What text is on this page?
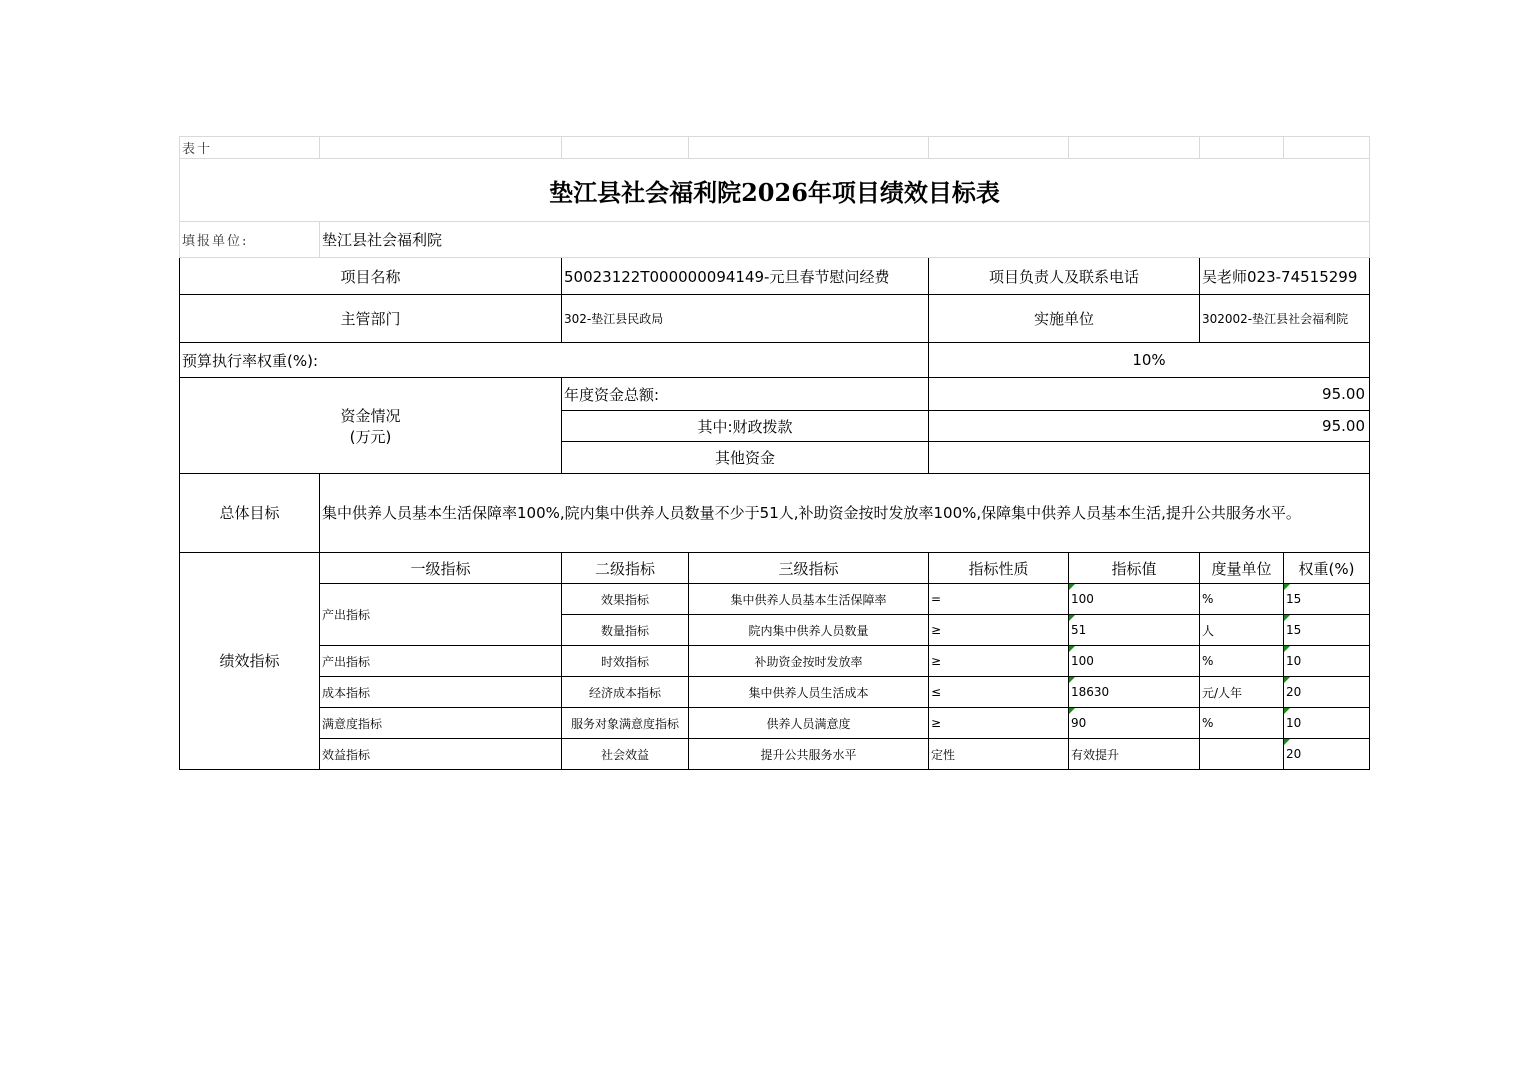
表十							
垫江县社会福利院2026年项目绩效目标表							
填报单位:	垫江县社会福利院						
项目名称		50023122T000000094149-元旦春节慰问经费		项目负责人及联系电话		吴老师023-74515299	
主管部门		302-垫江县民政局		实施单位		302002-垫江县社会福利院	
预算执行率权重(%):				10%			

资金情况
(万元)		年度资金总额:		95.00			
		其中:财政拨款		95.00			
		其他资金					
总体目标	集中供养人员基本生活保障率100%,院内集中供养人员数量不少于51人,补助资金按时发放率100%,保障集中供养人员基本生活,提升公共服务水平。						
绩效指标	一级指标	二级指标	三级指标	指标性质	指标值	度量单位	权重(%)
	产出指标	效果指标	集中供养人员基本生活保障率	=	100	%	15
		数量指标	院内集中供养人员数量	≥	51	人	15
	产出指标	时效指标	补助资金按时发放率	≥	100	%	10
	成本指标	经济成本指标	集中供养人员生活成本	≤	18630	元/人年	20
	满意度指标	服务对象满意度指标	供养人员满意度	≥	90	%	10
	效益指标	社会效益	提升公共服务水平	定性	有效提升		20
